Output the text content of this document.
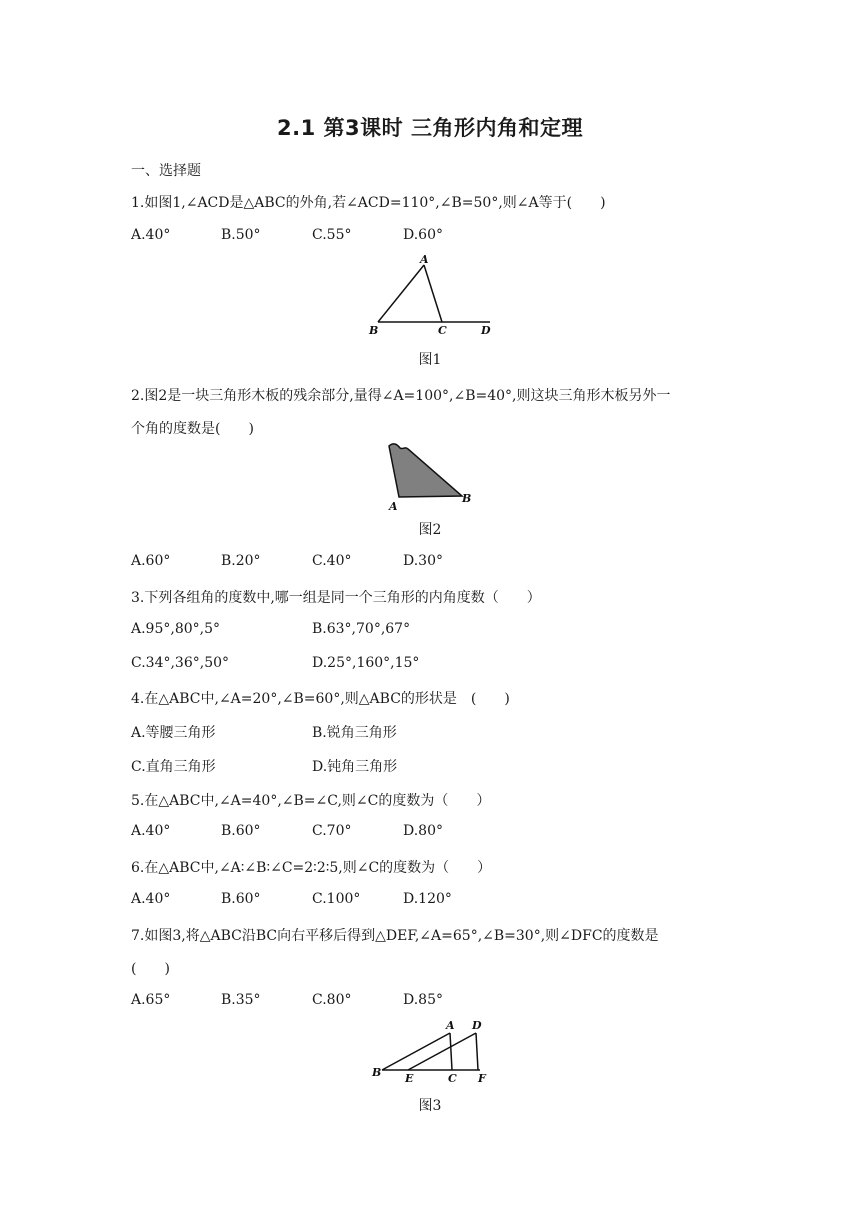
2.1 第3课时 三角形内角和定理
一、选择题
1.如图1,∠ACD是△ABC的外角,若∠ACD=110°,∠B=50°,则∠A等于(　　)
A.40°	B.50°	C.55°	D.60°
A
B	C	D
图1
2.图2是一块三角形木板的残余部分,量得∠A=100°,∠B=40°,则这块三角形木板另外一
个角的度数是(　　)
A
B
图2
A.60°	B.20°	C.40°	D.30°
3.下列各组角的度数中,哪一组是同一个三角形的内角度数（　　）
A.95°,80°,5°	B.63°,70°,67°
C.34°,36°,50°	D.25°,160°,15°
4.在△ABC中,∠A=20°,∠B=60°,则△ABC的形状是　(　　)
A.等腰三角形	B.锐角三角形
C.直角三角形	D.钝角三角形
5.在△ABC中,∠A=40°,∠B=∠C,则∠C的度数为（　　）
A.40°	B.60°	C.70°	D.80°
6.在△ABC中,∠A∶∠B∶∠C=2∶2∶5,则∠C的度数为（　　）
A.40°	B.60°	C.100°	D.120°
7.如图3,将△ABC沿BC向右平移后得到△DEF,∠A=65°,∠B=30°,则∠DFC的度数是
(　　)
A.65°	B.35°	C.80°	D.85°
A D
B E	C F
图3
